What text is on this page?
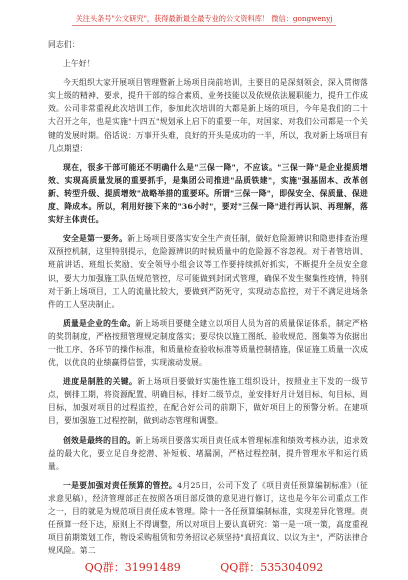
关注头条号"公文研究"，获得最新最全最专业的公文资料库！ 微信：gongwenyj
同志们：
上午好！
今天组织大家开展项目管理暨新上场项目岗前培训，主要目的是深刻领会、深入贯彻落实上级的精神、要求，提升干部的综合素质、业务技能以及依规依法履职能力，提升工作成效。公司非常重视此次培训工作，参加此次培训的大都是新上场的项目，今年是我们的二十大召开之年，也是实施"十四五"规划承上启下的重要一年，对国家、对我们公司都是一个关键的发展时期。俗话说：万事开头难，良好的开头是成功的一半，所以，我对新上场项目有几点期望：
现在，很多干部可能还不明确什么是"三保一降"，不应该。"三保一降"是企业提质增效、实现高质量发展的重要抓手，是集团公司推进"品质铁建"，实施"强基固本、改革创新、转型升级、提质增效"战略举措的重要环。所谓"三保一降"，即保安全、保质量、保进度、降成本。所以，利用好接下来的"36小时"，要对"三保一降"进行再认识、再理解，落实好主体责任。
安全是第一要务。新上场项目要落实安全生产责任制，做好危险源辨识和隐患排查治理双预控机制，这里特别提示，危险源辨识的时候质量中的危险源不容忽视。对于者管培训、班前讲话、班组长奖励、安全领导小组会议等工作要持续抓好抓实，不断提升全员安全意识，要大力加强施工队伍规范管控，尽可能做到封闭式管理，确保不发生聚集性疫情，特别对于新上场项目，工人的流量比较大，要做到严防死守，实现动态监控，对于不满足进场条件的工人坚决制止。
质量是企业的生命。新上场项目要健全建立以项目人员为首的质量保证体系，制定严格的奖罚制度，严格按照管理规定制度落实；要尽快以施工图纸、验收规范、图集等为依据出一批工序、各环节的操作标准，和质量检查验收标准等质量控制措施，保证施工质量一次成优，以优良的业绩赢得信誉，实现滚动发展。
进度是制胜的关键。新上场项目要做好实施性施工组织设计，按照业主下发的一级节点，倒排工期，将资源配置、明确目标，排好二级节点，並安排好月计划目标、旬目标、周目标，加强对项目的过程监控，在配合好公司的前期下，做好项目上的预警分析。在建项目，要加强施工过程控制，做到动态管理和调整。
创效是最终的目的。新上场项目要落实项目责任成本管理标准和绩效考核办法，追求效益的最大化，要立足自身挖潜、补短板、堵漏洞，严格过程控制，提升管理水平和运行质量。
一是要加强对责任预算的管控。4月25日，公司下发了《项目责任预算编制标准》（征求意见稿），经济管理部正在按照各项目部反馈的意见进行修订，这也是今年公司重点工作之一，目的就是为规范项目责任成本管理。除十一各任预算编制标准，实现差异化管理。责任预算一经下达，原则上不得调整，所以对项目上要认真研究：第一是一项一策，高度重视项目前期策划工作，物设采购租赁和劳务招议必须坚持"真招真议、以议为主"，严防法律合规风险。第二
QQ群：31991489	QQ群：535304092
